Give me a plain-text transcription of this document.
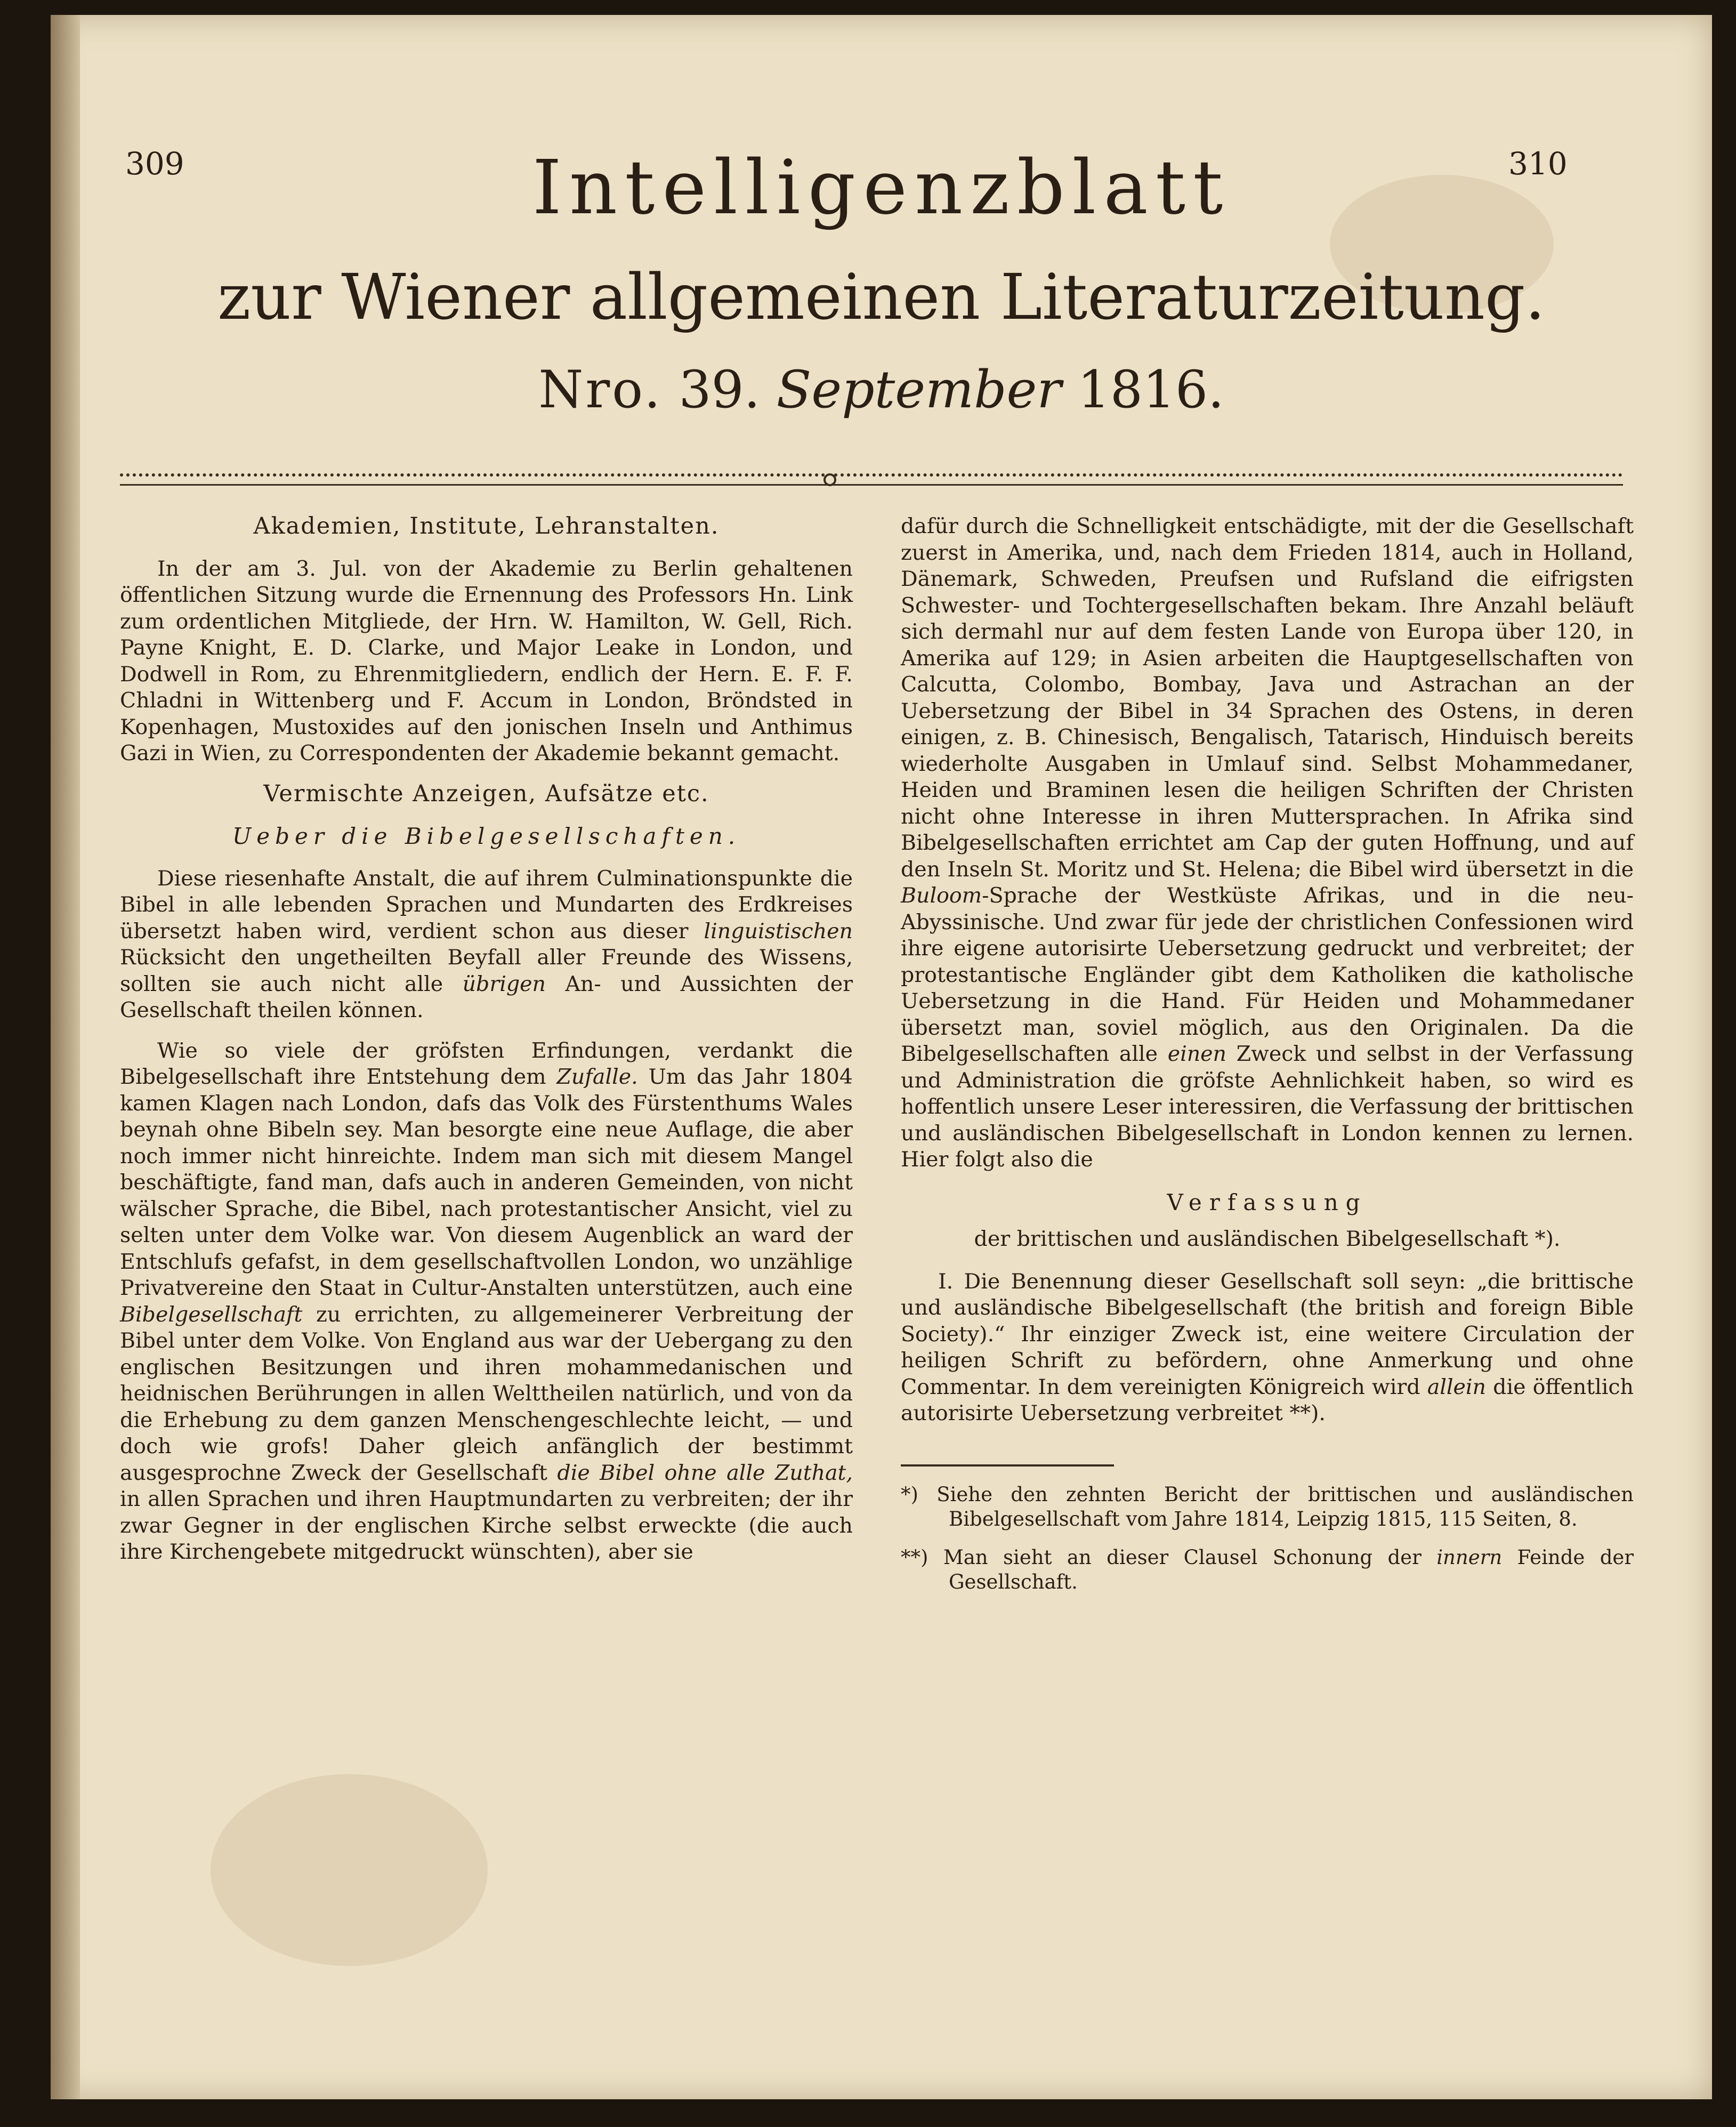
309	310
Intelligenzblatt
zur Wiener allgemeinen Literaturzeitung.
Nro. 39. September 1816.
Akademien, Institute, Lehranstalten.

In der am 3. Jul. von der Akademie zu Berlin gehaltenen öffentlichen Sitzung wurde die Ernennung des Professors Hn. Link zum ordentlichen Mitgliede, der Hrn. W. Hamilton, W. Gell, Rich. Payne Knight, E. D. Clarke, und Major Leake in London, und Dodwell in Rom, zu Ehrenmitgliedern, endlich der Hern. E. F. F. Chladni in Wittenberg und F. Accum in London, Bröndsted in Kopenhagen, Mustoxides auf den jonischen Inseln und Anthimus Gazi in Wien, zu Correspondenten der Akademie bekannt gemacht.

Vermischte Anzeigen, Aufsätze etc.
Ueber die Bibelgesellschaften.

Diese riesenhafte Anstalt, die auf ihrem Culminationspunkte die Bibel in alle lebenden Sprachen und Mundarten des Erdkreises übersetzt haben wird, verdient schon aus dieser linguistischen Rücksicht den ungetheilten Beyfall aller Freunde des Wissens, sollten sie auch nicht alle übrigen An- und Aussichten der Gesellschaft theilen können.

Wie so viele der gröfsten Erfindungen, verdankt die Bibelgesellschaft ihre Entstehung dem Zufalle. Um das Jahr 1804 kamen Klagen nach London, dafs das Volk des Fürstenthums Wales beynah ohne Bibeln sey. Man besorgte eine neue Auflage, die aber noch immer nicht hinreichte. Indem man sich mit diesem Mangel beschäftigte, fand man, dafs auch in anderen Gemeinden, von nicht wälscher Sprache, die Bibel, nach protestantischer Ansicht, viel zu selten unter dem Volke war. Von diesem Augenblick an ward der Entschlufs gefafst, in dem gesellschaftvollen London, wo unzählige Privatvereine den Staat in Cultur-Anstalten unterstützen, auch eine Bibelgesellschaft zu errichten, zu allgemeinerer Verbreitung der Bibel unter dem Volke. Von England aus war der Uebergang zu den englischen Besitzungen und ihren mohammedanischen und heidnischen Berührungen in allen Welttheilen natürlich, und von da die Erhebung zu dem ganzen Menschengeschlechte leicht, — und doch wie grofs! Daher gleich anfänglich der bestimmt ausgesprochne Zweck der Gesellschaft die Bibel ohne alle Zuthat, in allen Sprachen und ihren Hauptmundarten zu verbreiten; der ihr zwar Gegner in der englischen Kirche selbst erweckte (die auch ihre Kirchengebete mitgedruckt wünschten), aber sie

dafür durch die Schnelligkeit entschädigte, mit der die Gesellschaft zuerst in Amerika, und, nach dem Frieden 1814, auch in Holland, Dänemark, Schweden, Preufsen und Rufsland die eifrigsten Schwester- und Tochtergesellschaften bekam. Ihre Anzahl beläuft sich dermahl nur auf dem festen Lande von Europa über 120, in Amerika auf 129; in Asien arbeiten die Hauptgesellschaften von Calcutta, Colombo, Bombay, Java und Astrachan an der Uebersetzung der Bibel in 34 Sprachen des Ostens, in deren einigen, z. B. Chinesisch, Bengalisch, Tatarisch, Hinduisch bereits wiederholte Ausgaben in Umlauf sind. Selbst Mohammedaner, Heiden und Braminen lesen die heiligen Schriften der Christen nicht ohne Interesse in ihren Muttersprachen. In Afrika sind Bibelgesellschaften errichtet am Cap der guten Hoffnung, und auf den Inseln St. Moritz und St. Helena; die Bibel wird übersetzt in die Buloom-Sprache der Westküste Afrikas, und in die neu-Abyssinische. Und zwar für jede der christlichen Confessionen wird ihre eigene autorisirte Uebersetzung gedruckt und verbreitet; der protestantische Engländer gibt dem Katholiken die katholische Uebersetzung in die Hand. Für Heiden und Mohammedaner übersetzt man, soviel möglich, aus den Originalen. Da die Bibelgesellschaften alle einen Zweck und selbst in der Verfassung und Administration die gröfste Aehnlichkeit haben, so wird es hoffentlich unsere Leser interessiren, die Verfassung der brittischen und ausländischen Bibelgesellschaft in London kennen zu lernen. Hier folgt also die

Verfassung
der brittischen und ausländischen Bibelgesellschaft *).

I. Die Benennung dieser Gesellschaft soll seyn: „die brittische und ausländische Bibelgesellschaft (the british and foreign Bible Society).“ Ihr einziger Zweck ist, eine weitere Circulation der heiligen Schrift zu befördern, ohne Anmerkung und ohne Commentar. In dem vereinigten Königreich wird allein die öffentlich autorisirte Uebersetzung verbreitet **).

*) Siehe den zehnten Bericht der brittischen und ausländischen Bibelgesellschaft vom Jahre 1814, Leipzig 1815, 115 Seiten, 8.

**) Man sieht an dieser Clausel Schonung der innern Feinde der Gesellschaft.
